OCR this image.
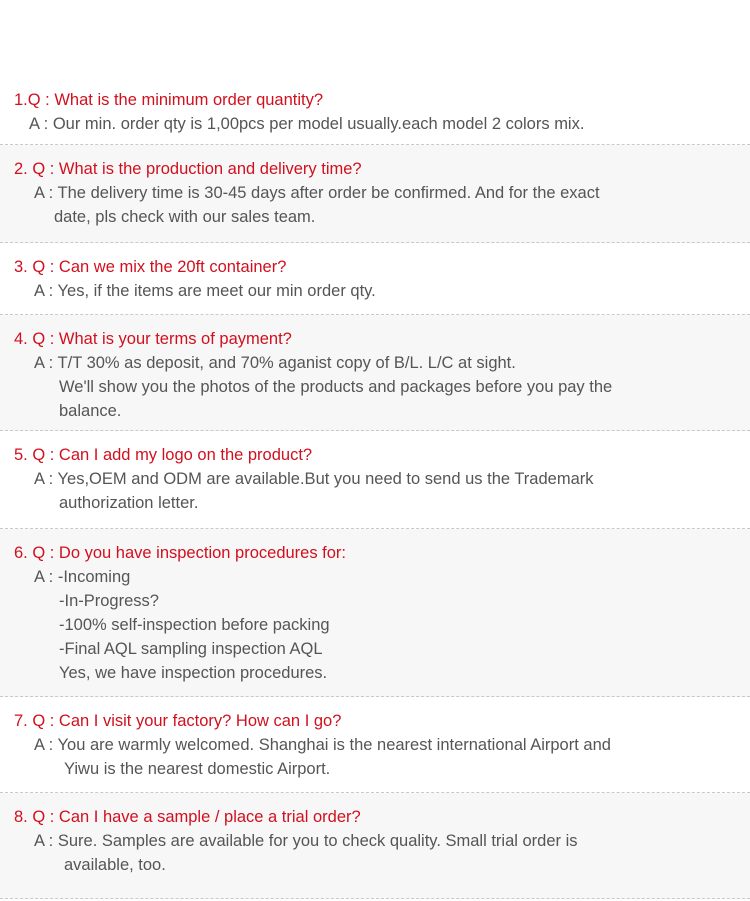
1.Q : What is the minimum order quantity?
A : Our min. order qty is 1,00pcs per model usually.each model 2 colors mix.
2. Q : What is the production and delivery time?
A : The delivery time is 30-45 days after order be confirmed. And for the exact
date, pls check with our sales team.
3. Q : Can we mix the 20ft container?
A : Yes, if the items are meet our min order qty.
4. Q : What is your terms of payment?
A : T/T 30% as deposit, and 70% aganist copy of B/L. L/C at sight.
We'll show you the photos of the products and packages before you pay the
balance.
5. Q : Can I add my logo on the product?
A : Yes,OEM and ODM are available.But you need to send us the Trademark
authorization letter.
6. Q : Do you have inspection procedures for:
A : -Incoming
-In-Progress?
-100% self-inspection before packing
-Final AQL sampling inspection AQL
Yes, we have inspection procedures.
7. Q : Can I visit your factory? How can I go?
A : You are warmly welcomed. Shanghai is the nearest international Airport and
Yiwu is the nearest domestic Airport.
8. Q : Can I have a sample / place a trial order?
A : Sure. Samples are available for you to check quality. Small trial order is
available, too.
